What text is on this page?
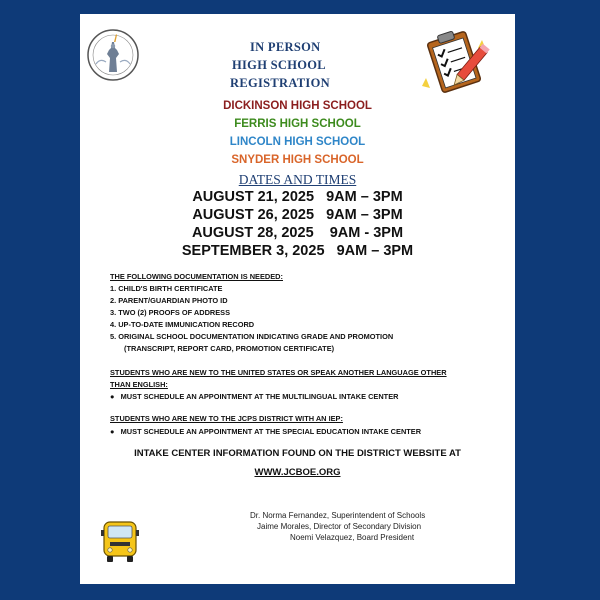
IN PERSON
HIGH SCHOOL
REGISTRATION
DICKINSON HIGH SCHOOL
FERRIS HIGH SCHOOL
LINCOLN HIGH SCHOOL
SNYDER HIGH SCHOOL
DATES AND TIMES
AUGUST 21, 2025   9AM – 3PM
AUGUST 26, 2025   9AM – 3PM
AUGUST 28, 2025    9AM - 3PM
SEPTEMBER 3, 2025   9AM – 3PM
THE FOLLOWING DOCUMENTATION IS NEEDED:
1. CHILD'S BIRTH CERTIFICATE
2. PARENT/GUARDIAN PHOTO ID
3. TWO (2) PROOFS OF ADDRESS
4. UP-TO-DATE IMMUNICATION RECORD
5. ORIGINAL SCHOOL DOCUMENTATION INDICATING GRADE AND PROMOTION
(TRANSCRIPT, REPORT CARD, PROMOTION CERTIFICATE)
STUDENTS WHO ARE NEW TO THE UNITED STATES OR SPEAK ANOTHER LANGUAGE OTHER
THAN ENGLISH:
● MUST SCHEDULE AN APPOINTMENT AT THE MULTILINGUAL INTAKE CENTER
STUDENTS WHO ARE NEW TO THE JCPS DISTRICT WITH AN IEP:
● MUST SCHEDULE AN APPOINTMENT AT THE SPECIAL EDUCATION INTAKE CENTER
INTAKE CENTER INFORMATION FOUND ON THE DISTRICT WEBSITE AT
WWW.JCBOE.ORG
Dr. Norma Fernandez, Superintendent of Schools
Jaime Morales, Director of Secondary Division
Noemi Velazquez, Board President
